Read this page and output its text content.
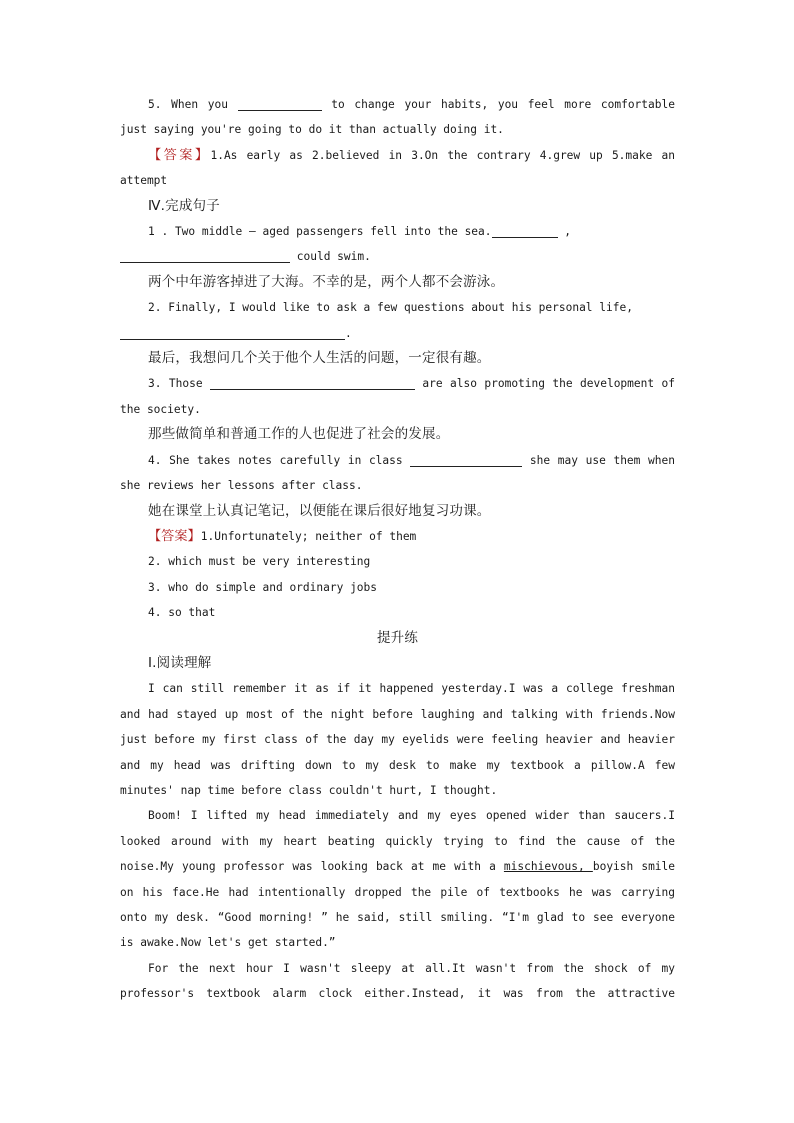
5. When you	to change your habits, you feel more comfortable just saying you're going to do it than actually doing it.

【答案】1.As early as 2.believed in 3.On the contrary 4.grew up 5.make an attempt

Ⅳ.完成句子

1 . Two middle — aged passengers fell into the sea.	,
could swim.

两个中年游客掉进了大海。不幸的是，两个人都不会游泳。

2. Finally, I would like to ask a few questions about his personal life,
.

最后，我想问几个关于他个人生活的问题，一定很有趣。

3. Those	are also promoting the development of the society.

那些做简单和普通工作的人也促进了社会的发展。

4. She takes notes carefully in class	she may use them when she reviews her lessons after class.

她在课堂上认真记笔记，以便能在课后很好地复习功课。

【答案】1.Unfortunately; neither of them

2. which must be very interesting

3. who do simple and ordinary jobs

4. so that

提升练

Ⅰ.阅读理解

I can still remember it as if it happened yesterday.I was a college freshman and had stayed up most of the night before laughing and talking with friends.Now just before my first class of the day my eyelids were feeling heavier and heavier and my head was drifting down to my desk to make my textbook a pillow.A few minutes' nap time before class couldn't hurt, I thought.

Boom! I lifted my head immediately and my eyes opened wider than saucers.I looked around with my heart beating quickly trying to find the cause of the noise.My young professor was looking back at me with a mischievous, boyish smile on his face.He had intentionally dropped the pile of textbooks he was carrying onto my desk. “Good morning! ” he said, still smiling. “I'm glad to see everyone is awake.Now let's get started.”

For the next hour I wasn't sleepy at all.It wasn't from the shock of my professor's textbook alarm clock either.Instead, it was from the attractive
